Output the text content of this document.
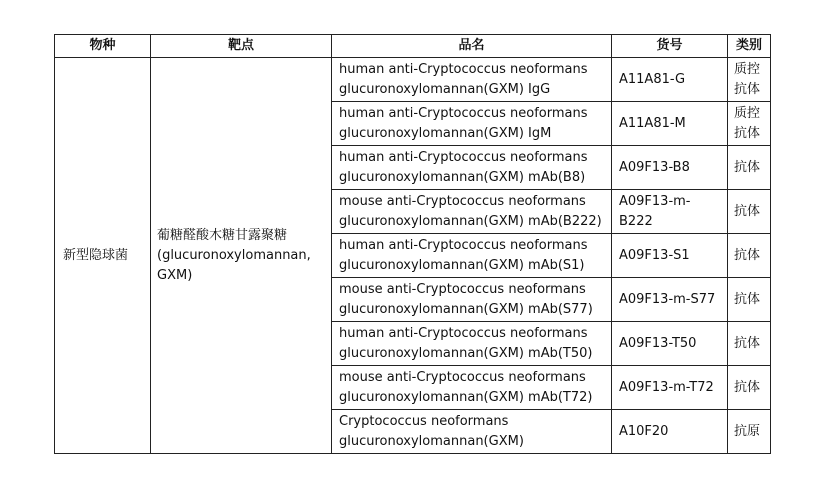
物种	靶点	品名	货号	类别

新型隐球菌	葡糖醛酸木糖甘露聚糖
(glucuronoxylomannan,
GXM)	human anti-Cryptococcus neoformans
glucuronoxylomannan(GXM) IgG	A11A81-G	质控
抗体

		human anti-Cryptococcus neoformans
glucuronoxylomannan(GXM) IgM	A11A81-M	质控
抗体

		human anti-Cryptococcus neoformans
glucuronoxylomannan(GXM) mAb(B8)	A09F13-B8	抗体

		mouse anti-Cryptococcus neoformans
glucuronoxylomannan(GXM) mAb(B222)	A09F13-m-
B222	抗体

		human anti-Cryptococcus neoformans
glucuronoxylomannan(GXM) mAb(S1)	A09F13-S1	抗体

		mouse anti-Cryptococcus neoformans
glucuronoxylomannan(GXM) mAb(S77)	A09F13-m-S77	抗体

		human anti-Cryptococcus neoformans
glucuronoxylomannan(GXM) mAb(T50)	A09F13-T50	抗体

		mouse anti-Cryptococcus neoformans
glucuronoxylomannan(GXM) mAb(T72)	A09F13-m-T72	抗体

		Cryptococcus neoformans
glucuronoxylomannan(GXM)	A10F20	抗原
